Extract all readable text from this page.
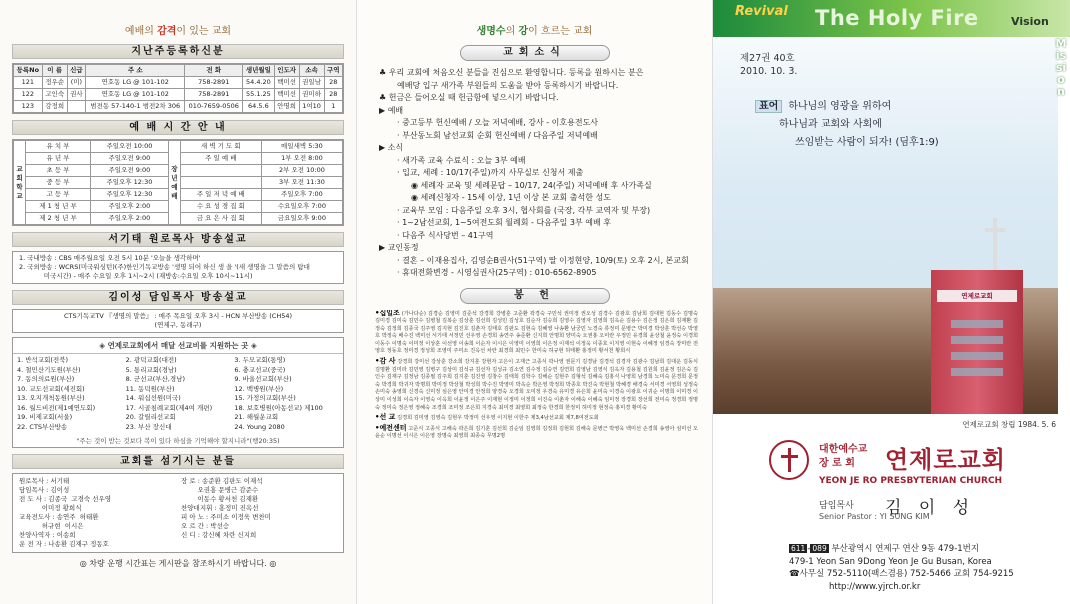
예배의 감격이 있는 교회
지난주등록하신분
등록No	이 름	신급	주 소	전 화	생년월일	인도자	소속	구역
121	정우순	(미)	연호동 LG @ 101-102	758-2891	54.4.20	백미선	권일남	28
122	고인숙	권사	연호동 LG @ 101-102	758-2891	55.1.25	백미선	권미하	28
123	강정희		범전동 57-140-1 범전2차 306	010-7659-0506	64.5.6	안명희	1여10	1
예 배 시 간 안 내
교회학교	유 치 부	주일오전 10:00	장년예배	새 벽 기 도 회	매일새벽 5:30
	유 년 부	주일오전 9:00		주 일 예 배	1부 오전 8:00
	초 등 부	주일오전 9:00			2부 오전 10:00
	중 등 부	주일오후 12:30			3부 오전 11:30
	고 등 부	주일오후 12:30		주 일 저 녁 예 배	주일오후 7:00
	제 1 청 년 부	주일오후 2:00		수 요 성 경 집 회	수요일오후 7:00
	제 2 청 년 부	주일오후 2:00		금 요 은 사 집 회	금요일오후 9:00
서기태 원로목사 방송설교
1. 국내방송 : CBS 매주월요일 오전 5시 10분 '오늘을 생각하며'
2. 국외방송 : WCRS(미국워싱턴)(주)한인기독교방송 '생명 되어 하신 생 을 '(새 생명을 그 말씀의 탐대
미국시간) - 매주 수요일 오후 1시~2시 (재방송:수요일 오후 10시~11시)
김이성 담임목사 방송설교
CTS기독교TV 『생명의 말씀』 : 매주 목요일 오후 3시 - HCN 부산방송 (CH54)
(연제구, 동래구)
◈ 연제로교회에서 매달 선교비를 지원하는 곳 ◈
1. 반석교회(전북)	2. 광덕교회(대전)	3. 두모교회(통영)
4. 철민산기도원(부산)	5. 통리교회(경남)	6. 충교선교(중국)
7. 동의의료원(부산)	8. 군선교(부산,경남)	9. 바울선교회(부산)
10. 교도선교회(세진회)	11. 동덕원(부산)	12. 백병원(부산)
13. 오지개척동원(부산)	14. 워십선원(미국)	15. 가정의교회(부산)
16. 월드비전(제1예연도회)	17. 시골침례교회(제4여 개편)	18. 보호병원(아동선교) 제100
19. 비제교회(서울)	20. 갈릴리선교회	21. 해월운교회
22. CTS부산방송	23. 부산 장신대	24. Young 2080
"주는 것이 받는 것보다 복이 있다 하심을 기억해야 할지니라"(행20:35)
교회를 섬기시는 분들
원로목사 : 서기태
담임목사 : 김이성
전 도 사 : 김종국  고경숙 선우영
이미정 황희식
교육전도사 : 송연주  허태환
허규현  이시은
찬양사역자 : 이송희
운 전 자 : 나송환 김재구 정동호
장 로 : 송준환 김판도 이재석
오권홍 문병근 감준수
이동수 황서천 김재환
찬양대지휘 : 홍정미 진옥선
피 아 노 : 주미소 이정욱 변찬미
오 르 간 : 박선승
신 디 : 강신혜 차란 신지희
◎ 차량 운행 시간표는 게시판을 참조하시기 바랍니다. ◎
생명수의 강이 흐르는 교회
교회소식
♣ 우리 교회에 처음오신 분들을 진심으로 환영합니다. 등록을 원하시는 분은
예배당 입구 새가족 부원들의 도움을 받아 등록하시기 바랍니다.
♣ 헌금은 들어오실 때 헌금함에 넣으시기 바랍니다.
▶ 예배
· 중고등부 헌신예배 / 오늘 저녁예배, 강사 - 이호용전도사
· 부산동노회 남선교회 순회 헌신예배 / 다음주일 저녁예배
▶ 소식
· 새가족 교육 수료식 : 오늘 3부 예배
· 입교, 세례 : 10/17(주일)까지 사무실로 신청서 제출
◉ 세례자 교육 및 세례문답 – 10/17, 24(주일) 저녁예배 후 사가족실
◉ 세례신청자 - 15세 이상, 1년 이상 본 교회 출석한 성도
· 교육부 모임 : 다음주일 오후 3시, 협사회를 (국장, 각부 교역자 및 부장)
· 1~2남선교회, 1~5여전도회 월례회 - 다음주일 3부 예배 후
· 다음주 식사당번 – 41구역
▶ 교인동정
· 결혼 – 이재용집사, 김영순B권사(51구역) 딸 이정현양, 10/9(토) 오후 2시, 본교회
· 휴대전화변경 - 시영심권사(25구역) : 010-6562-8905
봉 헌
•십일조 (가나다순) 김경순 김영미 김준석 강경희 강병훈 고준환 곽경숙 구민석 권미정 권오성 김경수 김광호 김남희 김대현 김동수 김명숙 김미경 김미숙 김민수 김병철 김복순 김상훈 김선희 김성민 김성호 김순자 김승희 김영수 김영자 김영희 김옥순 김용수 김은정 김은희 김재환 김정숙 김정희 김종국 김주영 김지현 김진호 김춘자 김태호 김판도 김현숙 김혜영 나송환 남궁민 노경숙 류정미 문병근 박미경 박상훈 박선승 박영호 박정숙 배수진 백미선 서기태 서정민 선우영 손경희 송연주 송준환 신지희 안명희 양미숙 오권홍 오미란 우정민 유경희 윤상철 윤정숙 이경희 이동수 이명숙 이미정 이상훈 이선영 이송희 이순자 이시은 이영미 이영희 이은정 이재석 이정욱 이종호 이지영 이현숙 이혜정 임경숙 장미란 전영호 정동호 정미경 정성희 조영미 주미소 진옥선 차란 최경희 최민수 한미숙 허규현 허태환 홍정미 황서천 황희식
•감 사 강경희 강미선 강상훈 강소희 강지훈 강현자 고은이 고재근 고종식 곽나영 권문기 김경남 김경석 김경자 김광수 김남희 김대운 김동식 김명환 김미라 김민영 김병구 김상미 김석규 김선자 김성규 김소연 김수정 김승연 김연희 김영남 김영식 김옥자 김용철 김원희 김윤정 김은숙 김인수 김재구 김정남 김종필 김주희 김지훈 김진영 김창수 김태희 김학수 김해순 김현주 김형석 김혜숙 김홍식 나영희 남경희 노미숙 문경희 문정숙 박경희 박귀자 박명희 박미정 박상철 박성희 박수진 박영미 박옥순 박은영 박정희 박종호 박진숙 박현철 박혜경 배경숙 서미경 서영희 성정숙 손미숙 송영희 신경숙 신미정 심은영 안미경 안정희 양경숙 오경희 오미정 우경숙 유미경 유은희 윤미숙 이경숙 이광호 이귀순 이명희 이미경 이상미 이성희 이숙자 이영숙 이옥희 이윤정 이은주 이재현 이정미 이정희 이진숙 이춘자 이해숙 이혜숙 임미정 장경희 장선희 전미숙 정경희 정명숙 정미숙 정은영 정혜숙 조경희 조미정 조은희 지경숙 최미경 최영희 최정숙 한경희 한정미 허미정 현정숙 홍미경 황미숙
•선 교 김경희 김미영 김영숙 김현우 박정미 선우영 이지현 이한주 제3,4남선교회 제7,8여전도회
•예전센터 고준식 고종식 고해숙 곽은희 김기훈 김선희 김순임 김영희 김정희 김현희 김해숙 문병근 박영욱 백미선 손경희 송영아 심미선 오윤순 이명선 이시은 이은영 장명숙 최영희 최종숙 무명2명
Revival The Holy Fire	Vision
연제로교회
Mission
제27권 40호
2010. 10. 3.
표어 하나님의 영광을 위하여
하나님과 교회와 사회에
쓰임받는 사람이 되자! (딤후1:9)
연제로교회 창립 1984. 5. 6
대한예수교
장 로 회	연제로교회
YEON JE RO PRESBYTERIAN CHURCH
담임목사 김 이 성
Senior Pastor : YI SUNG KIM
611 - 089 부산광역시 연제구 연산 9동 479-1번지
479-1 Yeon San 9Dong Yeon Je Gu Busan, Korea
☎사무실 752-5110(팩스겸용) 752-5466 교회 754-9215
http://www.yjrch.or.kr
